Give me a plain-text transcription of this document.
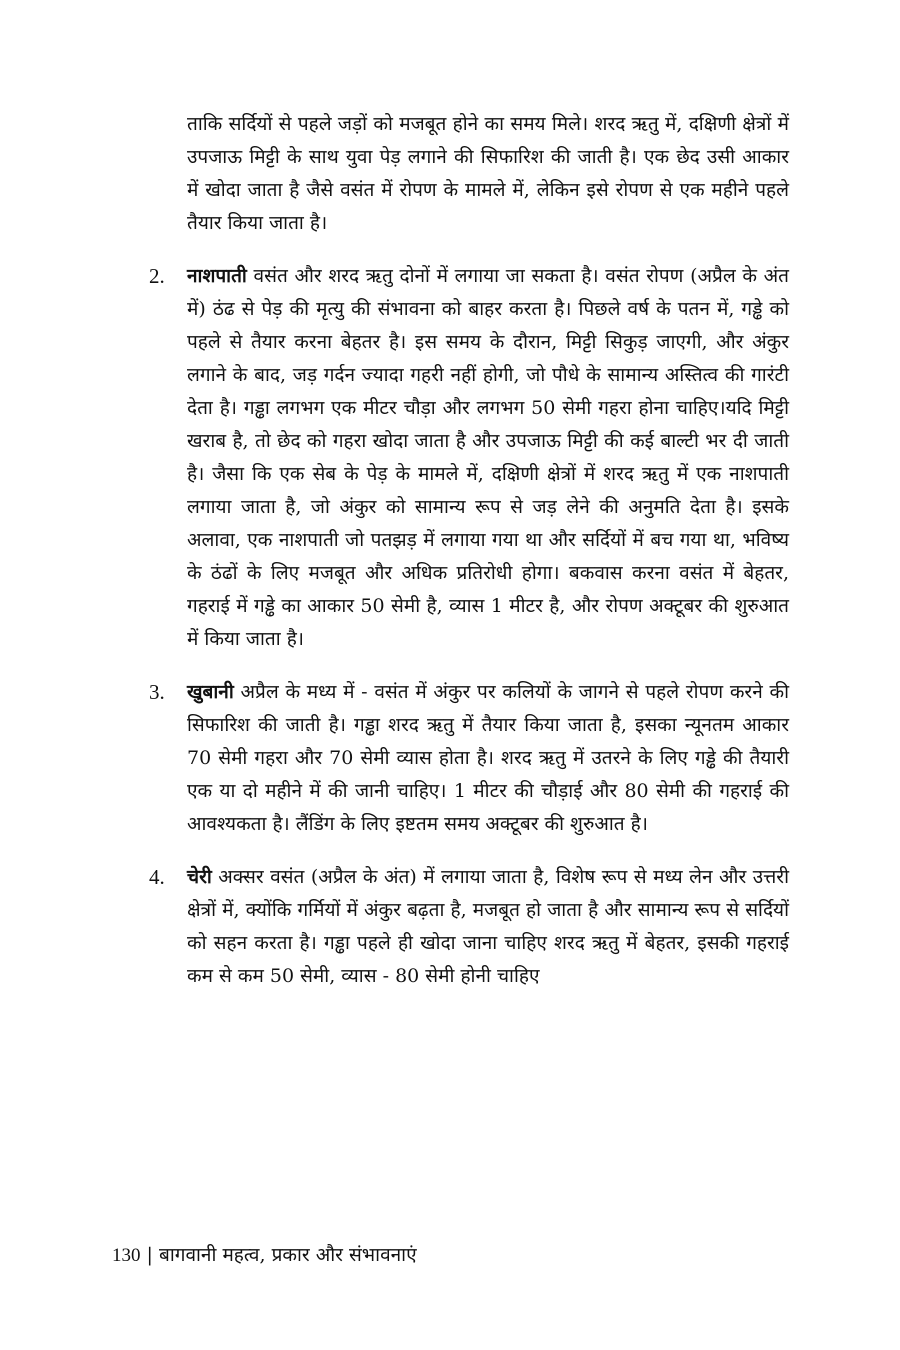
ताकि सर्दियों से पहले जड़ों को मजबूत होने का समय मिले। शरद ऋतु में, दक्षिणी क्षेत्रों में उपजाऊ मिट्टी के साथ युवा पेड़ लगाने की सिफारिश की जाती है। एक छेद उसी आकार में खोदा जाता है जैसे वसंत में रोपण के मामले में, लेकिन इसे रोपण से एक महीने पहले तैयार किया जाता है।

2. नाशपाती वसंत और शरद ऋतु दोनों में लगाया जा सकता है। वसंत रोपण (अप्रैल के अंत में) ठंढ से पेड़ की मृत्यु की संभावना को बाहर करता है। पिछले वर्ष के पतन में, गड्ढे को पहले से तैयार करना बेहतर है। इस समय के दौरान, मिट्टी सिकुड़ जाएगी, और अंकुर लगाने के बाद, जड़ गर्दन ज्यादा गहरी नहीं होगी, जो पौधे के सामान्य अस्तित्व की गारंटी देता है। गड्ढा लगभग एक मीटर चौड़ा और लगभग 50 सेमी गहरा होना चाहिए।यदि मिट्टी खराब है, तो छेद को गहरा खोदा जाता है और उपजाऊ मिट्टी की कई बाल्टी भर दी जाती है। जैसा कि एक सेब के पेड़ के मामले में, दक्षिणी क्षेत्रों में शरद ऋतु में एक नाशपाती लगाया जाता है, जो अंकुर को सामान्य रूप से जड़ लेने की अनुमति देता है। इसके अलावा, एक नाशपाती जो पतझड़ में लगाया गया था और सर्दियों में बच गया था, भविष्य के ठंढों के लिए मजबूत और अधिक प्रतिरोधी होगा। बकवास करना वसंत में बेहतर, गहराई में गड्ढे का आकार 50 सेमी है, व्यास 1 मीटर है, और रोपण अक्टूबर की शुरुआत में किया जाता है।
3. खुबानी अप्रैल के मध्य में - वसंत में अंकुर पर कलियों के जागने से पहले रोपण करने की सिफारिश की जाती है। गड्ढा शरद ऋतु में तैयार किया जाता है, इसका न्यूनतम आकार 70 सेमी गहरा और 70 सेमी व्यास होता है। शरद ऋतु में उतरने के लिए गड्ढे की तैयारी एक या दो महीने में की जानी चाहिए। 1 मीटर की चौड़ाई और 80 सेमी की गहराई की आवश्यकता है। लैंडिंग के लिए इष्टतम समय अक्टूबर की शुरुआत है।
4. चेरी अक्सर वसंत (अप्रैल के अंत) में लगाया जाता है, विशेष रूप से मध्य लेन और उत्तरी क्षेत्रों में, क्योंकि गर्मियों में अंकुर बढ़ता है, मजबूत हो जाता है और सामान्य रूप से सर्दियों को सहन करता है। गड्ढा पहले ही खोदा जाना चाहिए शरद ऋतु में बेहतर, इसकी गहराई कम से कम 50 सेमी, व्यास - 80 सेमी होनी चाहिए
130 | बागवानी महत्व, प्रकार और संभावनाएं
